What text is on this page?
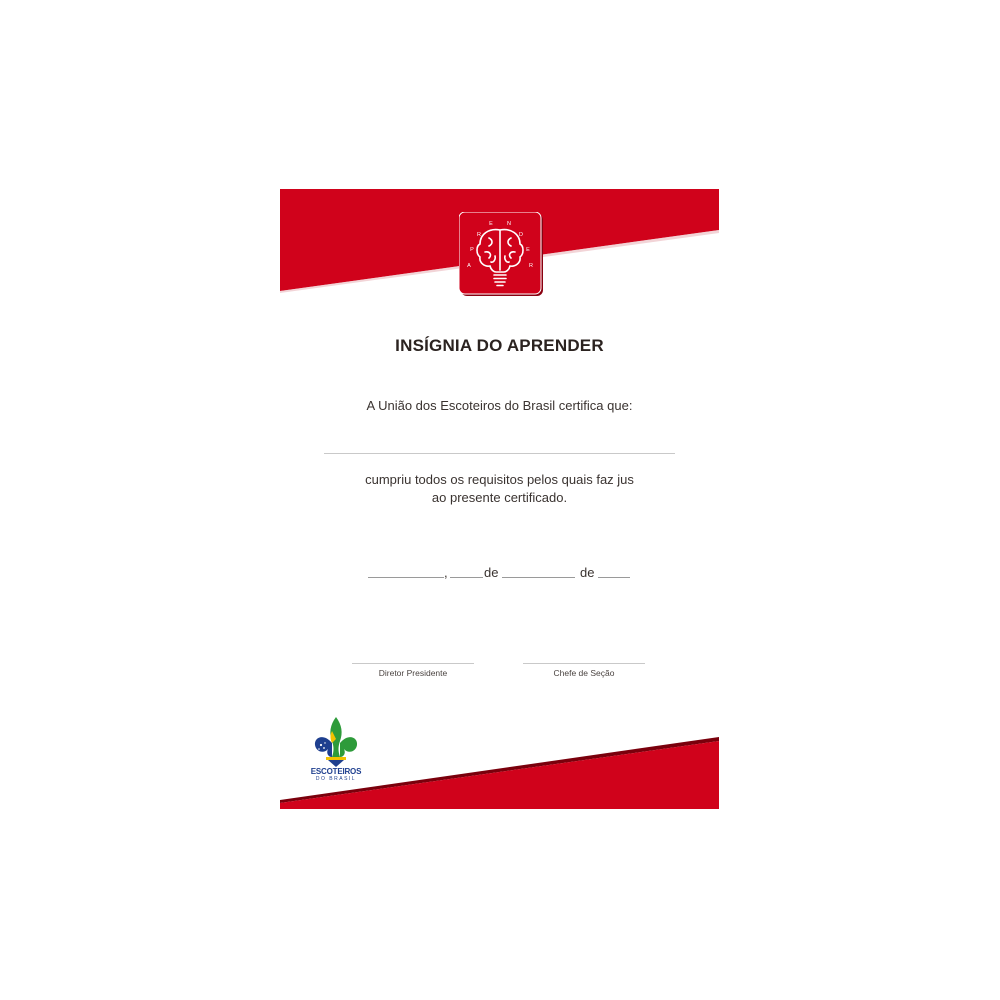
A
P
R
E	N
D
E
R
INSÍGNIA DO APRENDER
A União dos Escoteiros do Brasil certifica que:
cumpriu todos os requisitos pelos quais faz jus
ao presente certificado.
,	de	de
Diretor Presidente	Chefe de Seção
ESCOTEIROS
DO BRASIL
